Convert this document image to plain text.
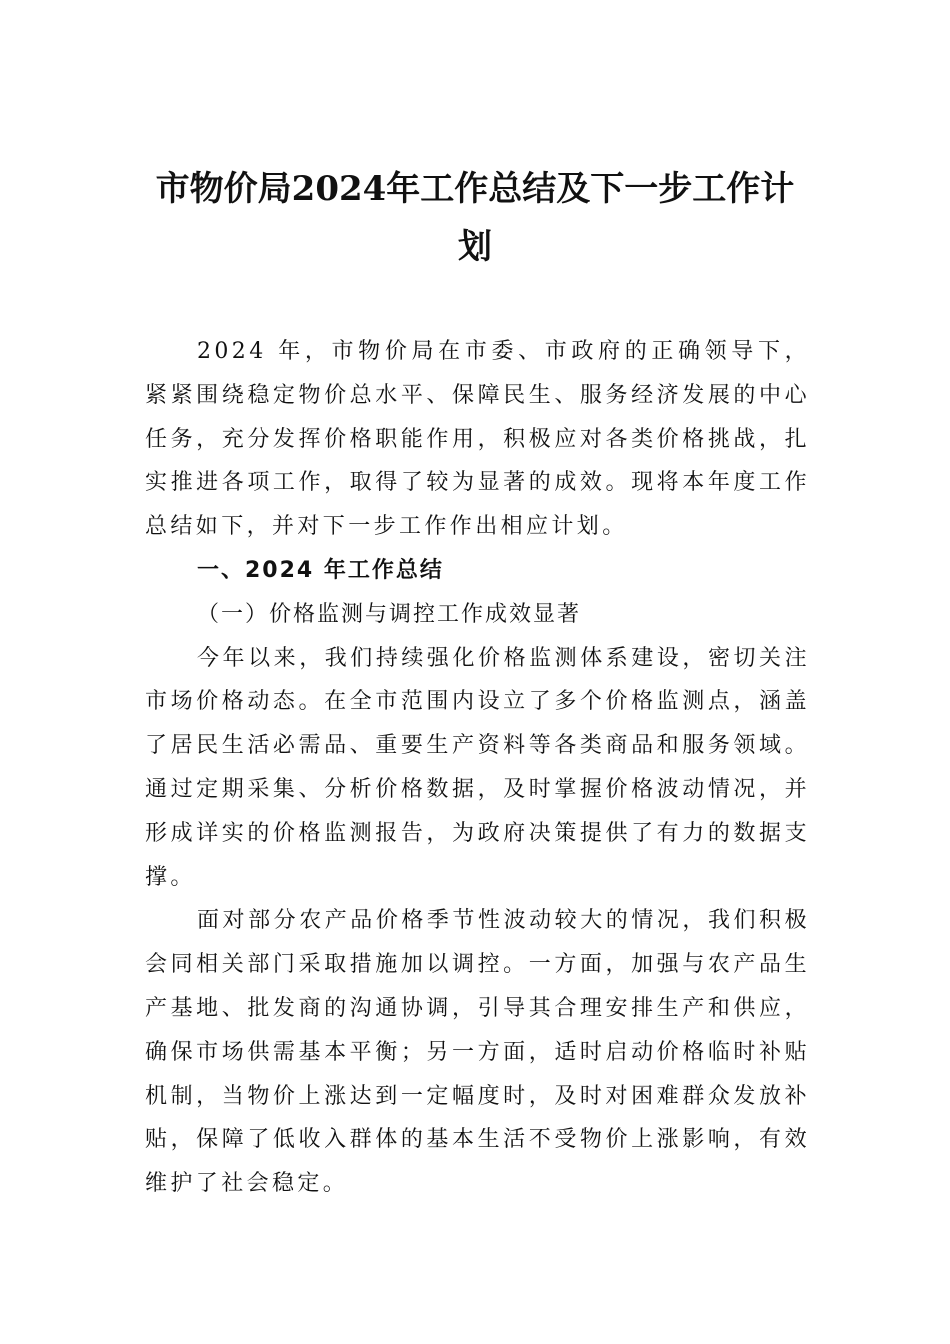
市物价局2024年工作总结及下一步工作计
划

2024 年，市物价局在市委、市政府的正确领导下，紧紧围绕稳定物价总水平、保障民生、服务经济发展的中心任务，充分发挥价格职能作用，积极应对各类价格挑战，扎实推进各项工作，取得了较为显著的成效。现将本年度工作总结如下，并对下一步工作作出相应计划。

一、2024 年工作总结

（一）价格监测与调控工作成效显著

今年以来，我们持续强化价格监测体系建设，密切关注市场价格动态。在全市范围内设立了多个价格监测点，涵盖了居民生活必需品、重要生产资料等各类商品和服务领域。通过定期采集、分析价格数据，及时掌握价格波动情况，并形成详实的价格监测报告，为政府决策提供了有力的数据支撑。

面对部分农产品价格季节性波动较大的情况，我们积极会同相关部门采取措施加以调控。一方面，加强与农产品生产基地、批发商的沟通协调，引导其合理安排生产和供应，确保市场供需基本平衡；另一方面，适时启动价格临时补贴机制，当物价上涨达到一定幅度时，及时对困难群众发放补贴，保障了低收入群体的基本生活不受物价上涨影响，有效维护了社会稳定。
